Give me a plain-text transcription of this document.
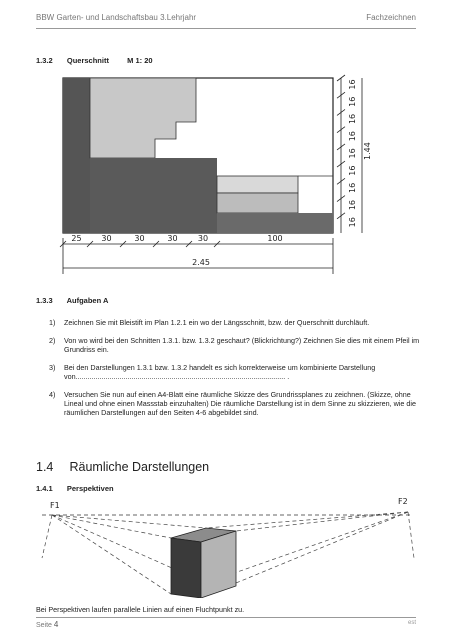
BBW Garten- und Landschaftsbau 3.Lehrjahr	Fachzeichnen
1.3.2 Querschnitt M 1: 20
16
16
16
16
16
16
16
16
16
1.44
25 30	30	30	30	100
2.45
1.3.3 Aufgaben A
1) Zeichnen Sie mit Bleistift im Plan 1.2.1 ein wo der Längsschnitt, bzw. der Querschnitt durchläuft.
2) Von wo wird bei den Schnitten 1.3.1. bzw. 1.3.2 geschaut? (Blickrichtung?) Zeichnen Sie dies mit einem Pfeil im Grundriss ein.
3) Bei den Darstellungen 1.3.1 bzw. 1.3.2 handelt es sich korrekterweise um kombinierte Darstellung von......................................................................................................... .
4) Versuchen Sie nun auf einen A4-Blatt eine räumliche Skizze des Grundrissplanes zu zeichnen. (Skizze, ohne Lineal und ohne einen Massstab einzuhalten) Die räumliche Darstellung ist in dem Sinne zu skizzieren, wie die räumlichen Darstellungen auf den Seiten 4-6 abgebildet sind.
1.4 Räumliche Darstellungen
1.4.1 Perspektiven
F1	F2
Bei Perspektiven laufen parallele Linien auf einen Fluchtpunkt zu.
Seite 4	est
